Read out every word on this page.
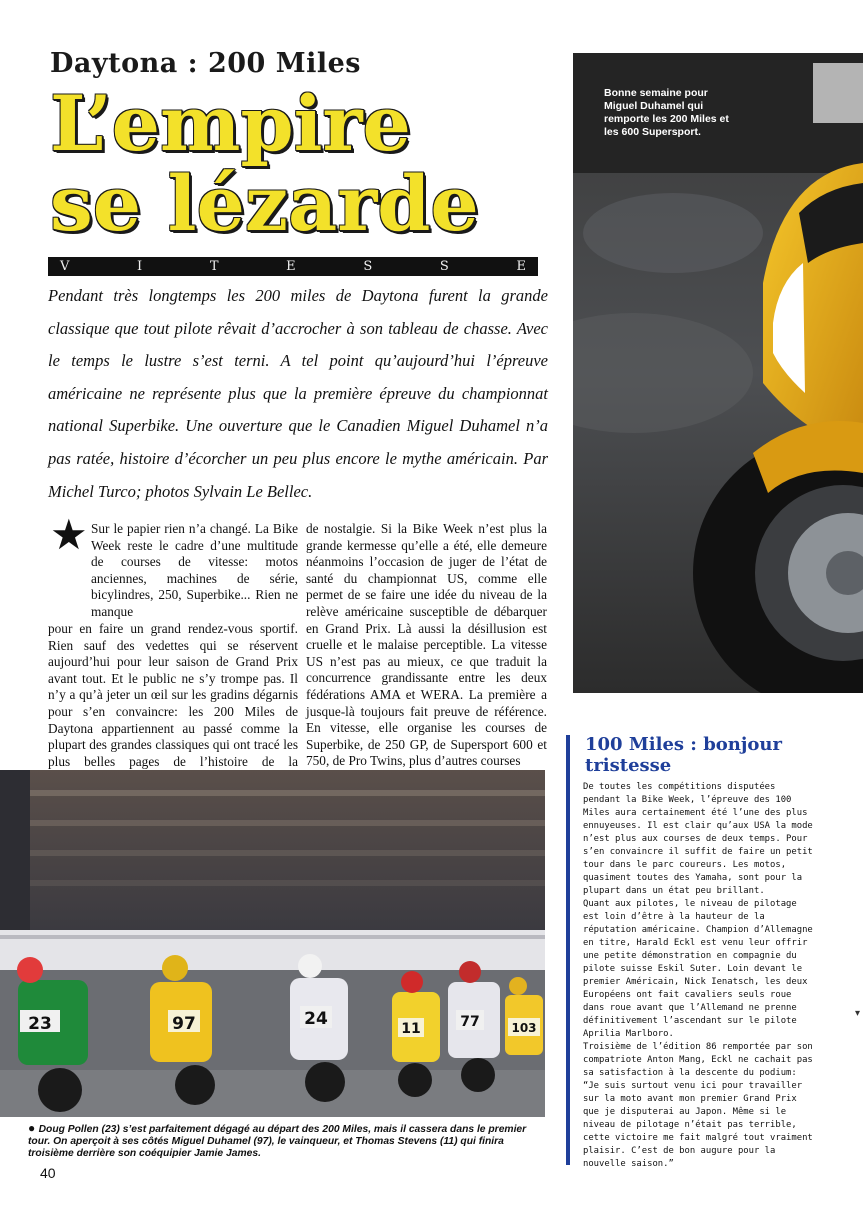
Daytona : 200 Miles
L’empire
se lézarde
V	I	T	E	S	S	E

Pendant très longtemps les 200 miles de Daytona furent la grande classique que tout pilote rêvait d’accrocher à son tableau de chasse. Avec le temps le lustre s’est terni. A tel point qu’aujourd’hui l’épreuve américaine ne représente plus que la première épreuve du championnat national Superbike. Une ouverture que le Canadien Miguel Duhamel n’a pas ratée, histoire d’écorcher un peu plus encore le mythe américain. Par Michel Turco; photos Sylvain Le Bellec.

★ Sur le papier rien n’a changé. La Bike Week reste le cadre d’une multitude de courses de vitesse: motos anciennes, machines de série, bicylindres, 250, Superbike... Rien ne manque

pour en faire un grand rendez-vous sportif. Rien sauf des vedettes qui se réservent aujourd’hui pour leur saison de Grand Prix avant tout. Et le public ne s’y trompe pas. Il n’y a qu’à jeter un œil sur les gradins dégarnis pour s’en convaincre: les 200 Miles de Daytona appartiennent au passé comme la plupart des grandes classiques qui ont tracé les plus belles pages de l’histoire de la

de nostalgie. Si la Bike Week n’est plus la grande kermesse qu’elle a été, elle demeure néanmoins l’occasion de juger de l’état de santé du championnat US, comme elle permet de se faire une idée du niveau de la relève américaine susceptible de débarquer en Grand Prix. Là aussi la désillusion est cruelle et le malaise perceptible. La vitesse US n’est pas au mieux, ce que traduit la concurrence grandissante entre les deux fédérations AMA et WERA. La première a jusque-là toujours fait preuve de référence. En vitesse, elle organise les courses de Superbike, de 250 GP, de Supersport 600 et 750, de Pro Twins, plus d’autres courses

Bonne semaine pour Miguel Duhamel qui remporte les 200 Miles et les 600 Supersport.

23	97	24	11	77	103

● Doug Pollen (23) s’est parfaitement dégagé au départ des 200 Miles, mais il cassera dans le premier tour. On aperçoit à ses côtés Miguel Duhamel (97), le vainqueur, et Thomas Stevens (11) qui finira troisième derrière son coéquipier Jamie James.

100 Miles : bonjour tristesse

De toutes les compétitions disputées pendant la Bike Week, l’épreuve des 100 Miles aura certainement été l’une des plus ennuyeuses. Il est clair qu’aux USA la mode n’est plus aux courses de deux temps. Pour s’en convaincre il suffit de faire un petit tour dans le parc coureurs. Les motos, quasiment toutes des Yamaha, sont pour la plupart dans un état peu brillant.

Quant aux pilotes, le niveau de pilotage est loin d’être à la hauteur de la réputation américaine. Champion d’Allemagne en titre, Harald Eckl est venu leur offrir une petite démonstration en compagnie du pilote suisse Eskil Suter. Loin devant le premier Américain, Nick Ienatsch, les deux Européens ont fait cavaliers seuls roue dans roue avant que l’Allemand ne prenne définitivement l’ascendant sur le pilote Aprilia Marlboro.

Troisième de l’édition 86 remportée par son compatriote Anton Mang, Eckl ne cachait pas sa satisfaction à la descente du podium: “Je suis surtout venu ici pour travailler sur la moto avant mon premier Grand Prix que je disputerai au Japon. Même si le niveau de pilotage n’était pas terrible, cette victoire me fait malgré tout vraiment plaisir. C’est de bon augure pour la nouvelle saison.”

40
▾
